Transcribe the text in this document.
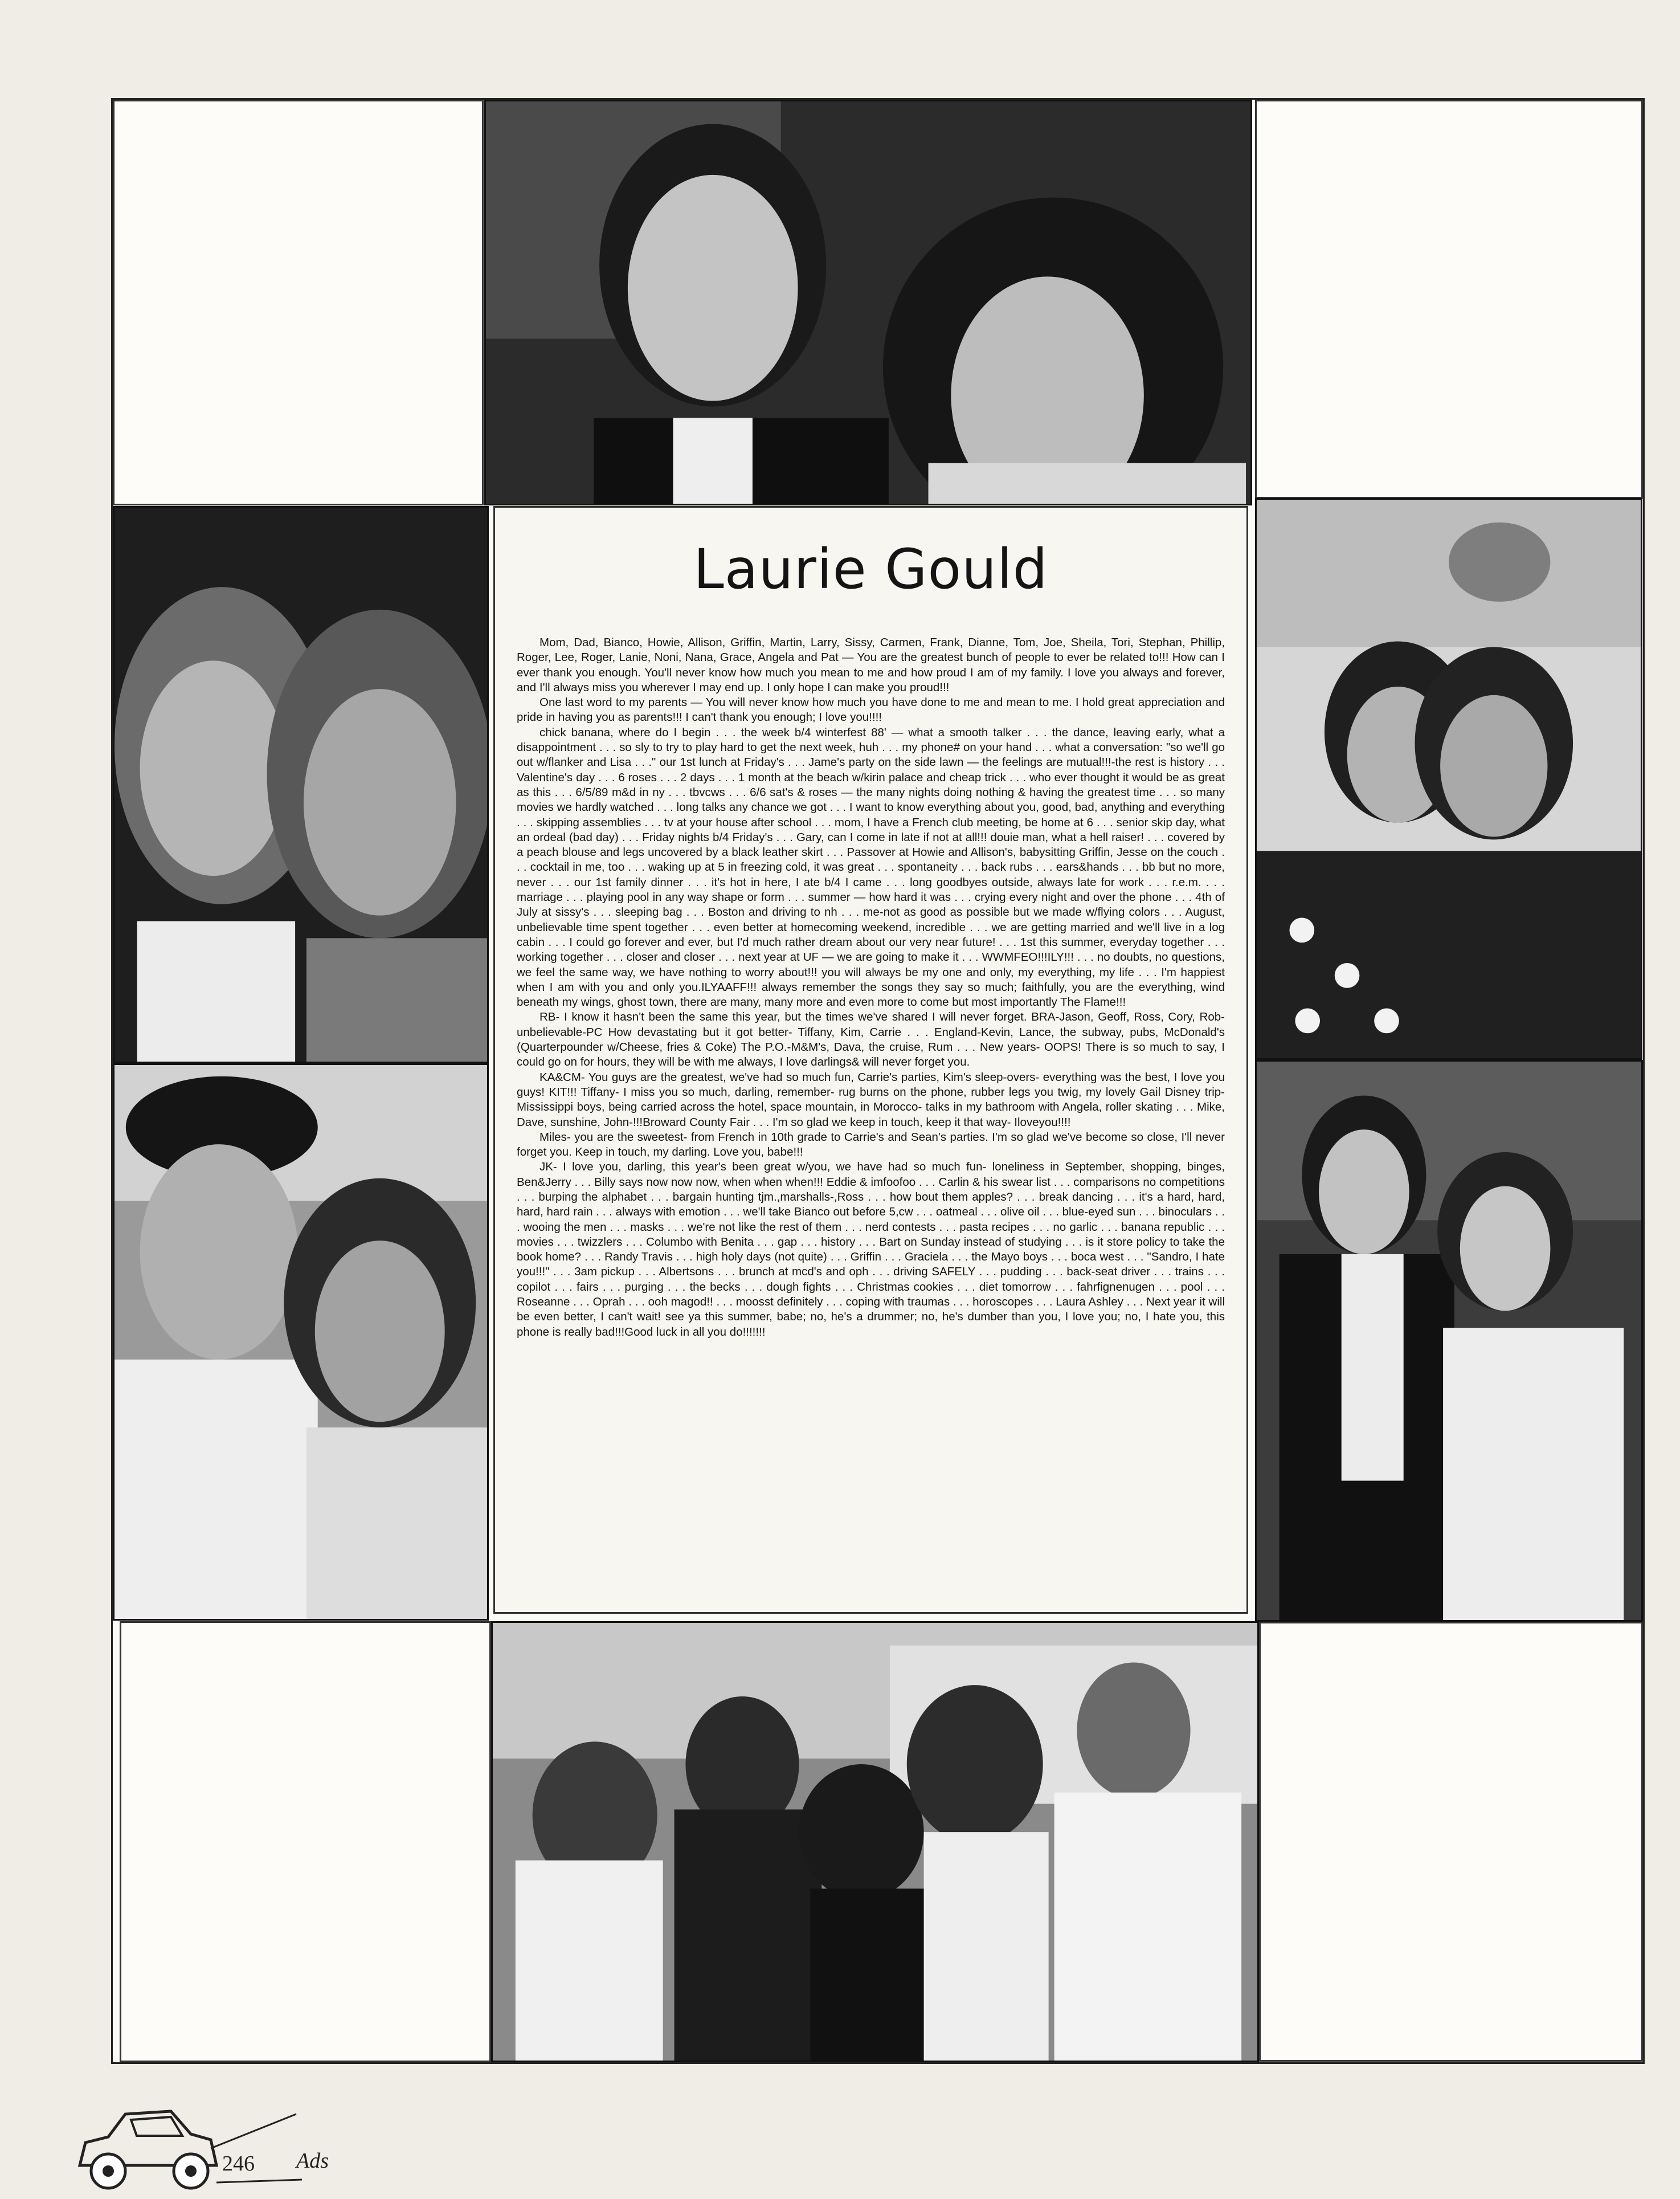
Laurie Gould

Mom, Dad, Bianco, Howie, Allison, Griffin, Martin, Larry, Sissy, Carmen, Frank, Dianne, Tom, Joe, Sheila, Tori, Stephan, Phillip, Roger, Lee, Roger, Lanie, Noni, Nana, Grace, Angela and Pat — You are the greatest bunch of people to ever be related to!!! How can I ever thank you enough. You'll never know how much you mean to me and how proud I am of my family. I love you always and forever, and I'll always miss you wherever I may end up. I only hope I can make you proud!!!

One last word to my parents — You will never know how much you have done to me and mean to me. I hold great appreciation and pride in having you as parents!!! I can't thank you enough; I love you!!!!

chick banana, where do I begin . . . the week b/4 winterfest 88' — what a smooth talker . . . the dance, leaving early, what a disappointment . . . so sly to try to play hard to get the next week, huh . . . my phone# on your hand . . . what a conversation: "so we'll go out w/flanker and Lisa . . ." our 1st lunch at Friday's . . . Jame's party on the side lawn — the feelings are mutual!!!-the rest is history . . . Valentine's day . . . 6 roses . . . 2 days . . . 1 month at the beach w/kirin palace and cheap trick . . . who ever thought it would be as great as this . . . 6/5/89 m&d in ny . . . tbvcws . . . 6/6 sat's & roses — the many nights doing nothing & having the greatest time . . . so many movies we hardly watched . . . long talks any chance we got . . . I want to know everything about you, good, bad, anything and everything . . . skipping assemblies . . . tv at your house after school . . . mom, I have a French club meeting, be home at 6 . . . senior skip day, what an ordeal (bad day) . . . Friday nights b/4 Friday's . . . Gary, can I come in late if not at all!!! douie man, what a hell raiser! . . . covered by a peach blouse and legs uncovered by a black leather skirt . . . Passover at Howie and Allison's, babysitting Griffin, Jesse on the couch . . . cocktail in me, too . . . waking up at 5 in freezing cold, it was great . . . spontaneity . . . back rubs . . . ears&hands . . . bb but no more, never . . . our 1st family dinner . . . it's hot in here, I ate b/4 I came . . . long goodbyes outside, always late for work . . . r.e.m. . . . marriage . . . playing pool in any way shape or form . . . summer — how hard it was . . . crying every night and over the phone . . . 4th of July at sissy's . . . sleeping bag . . . Boston and driving to nh . . . me-not as good as possible but we made w/flying colors . . . August, unbelievable time spent together . . . even better at homecoming weekend, incredible . . . we are getting married and we'll live in a log cabin . . . I could go forever and ever, but I'd much rather dream about our very near future! . . . 1st this summer, everyday together . . . working together . . . closer and closer . . . next year at UF — we are going to make it . . . WWMFEO!!!ILY!!! . . . no doubts, no questions, we feel the same way, we have nothing to worry about!!! you will always be my one and only, my everything, my life . . . I'm happiest when I am with you and only you.ILYAAFF!!! always remember the songs they say so much; faithfully, you are the everything, wind beneath my wings, ghost town, there are many, many more and even more to come but most importantly The Flame!!!

RB- I know it hasn't been the same this year, but the times we've shared I will never forget. BRA-Jason, Geoff, Ross, Cory, Rob- unbelievable-PC How devastating but it got better- Tiffany, Kim, Carrie . . . England-Kevin, Lance, the subway, pubs, McDonald's (Quarterpounder w/Cheese, fries & Coke) The P.O.-M&M's, Dava, the cruise, Rum . . . New years- OOPS! There is so much to say, I could go on for hours, they will be with me always, I love darlings& will never forget you.

KA&CM- You guys are the greatest, we've had so much fun, Carrie's parties, Kim's sleep-overs- everything was the best, I love you guys! KIT!!! Tiffany- I miss you so much, darling, remember- rug burns on the phone, rubber legs you twig, my lovely Gail Disney trip- Mississippi boys, being carried across the hotel, space mountain, in Morocco- talks in my bathroom with Angela, roller skating . . . Mike, Dave, sunshine, John-!!!Broward County Fair . . . I'm so glad we keep in touch, keep it that way- Iloveyou!!!!

Miles- you are the sweetest- from French in 10th grade to Carrie's and Sean's parties. I'm so glad we've become so close, I'll never forget you. Keep in touch, my darling. Love you, babe!!!

JK- I love you, darling, this year's been great w/you, we have had so much fun- loneliness in September, shopping, binges, Ben&Jerry . . . Billy says now now now, when when when!!! Eddie & imfoofoo . . . Carlin & his swear list . . . comparisons no competitions . . . burping the alphabet . . . bargain hunting tjm.,marshalls-,Ross . . . how bout them apples? . . . break dancing . . . it's a hard, hard, hard, hard rain . . . always with emotion . . . we'll take Bianco out before 5,cw . . . oatmeal . . . olive oil . . . blue-eyed sun . . . binoculars . . . wooing the men . . . masks . . . we're not like the rest of them . . . nerd contests . . . pasta recipes . . . no garlic . . . banana republic . . . movies . . . twizzlers . . . Columbo with Benita . . . gap . . . history . . . Bart on Sunday instead of studying . . . is it store policy to take the book home? . . . Randy Travis . . . high holy days (not quite) . . . Griffin . . . Graciela . . . the Mayo boys . . . boca west . . . "Sandro, I hate you!!!" . . . 3am pickup . . . Albertsons . . . brunch at mcd's and oph . . . driving SAFELY . . . pudding . . . back-seat driver . . . trains . . . copilot . . . fairs . . . purging . . . the becks . . . dough fights . . . Christmas cookies . . . diet tomorrow . . . fahrfignenugen . . . pool . . . Roseanne . . . Oprah . . . ooh magod!! . . . moosst definitely . . . coping with traumas . . . horoscopes . . . Laura Ashley . . . Next year it will be even better, I can't wait! see ya this summer, babe; no, he's a drummer; no, he's dumber than you, I love you; no, I hate you, this phone is really bad!!!Good luck in all you do!!!!!!!

246 Ads
